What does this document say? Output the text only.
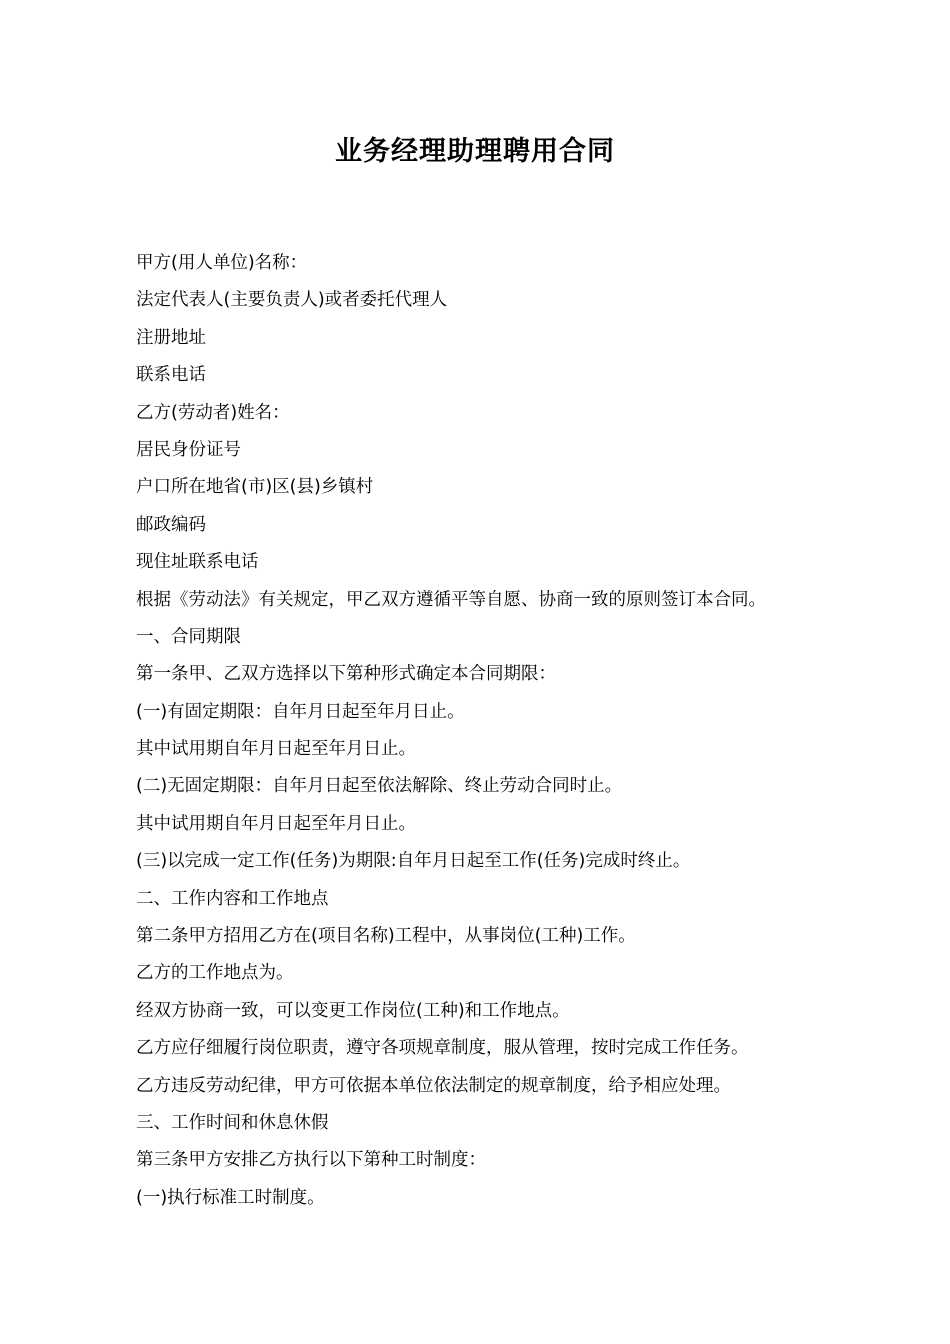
业务经理助理聘用合同
甲方(用人单位)名称：
法定代表人(主要负责人)或者委托代理人
注册地址
联系电话
乙方(劳动者)姓名：
居民身份证号
户口所在地省(市)区(县)乡镇村
邮政编码
现住址联系电话
根据《劳动法》有关规定，甲乙双方遵循平等自愿、协商一致的原则签订本合同。
一、合同期限
第一条甲、乙双方选择以下第种形式确定本合同期限：
(一)有固定期限：自年月日起至年月日止。
其中试用期自年月日起至年月日止。
(二)无固定期限：自年月日起至依法解除、终止劳动合同时止。
其中试用期自年月日起至年月日止。
(三)以完成一定工作(任务)为期限:自年月日起至工作(任务)完成时终止。
二、工作内容和工作地点
第二条甲方招用乙方在(项目名称)工程中，从事岗位(工种)工作。
乙方的工作地点为。
经双方协商一致，可以变更工作岗位(工种)和工作地点。
乙方应仔细履行岗位职责，遵守各项规章制度，服从管理，按时完成工作任务。
乙方违反劳动纪律，甲方可依据本单位依法制定的规章制度，给予相应处理。
三、工作时间和休息休假
第三条甲方安排乙方执行以下第种工时制度：
(一)执行标准工时制度。
